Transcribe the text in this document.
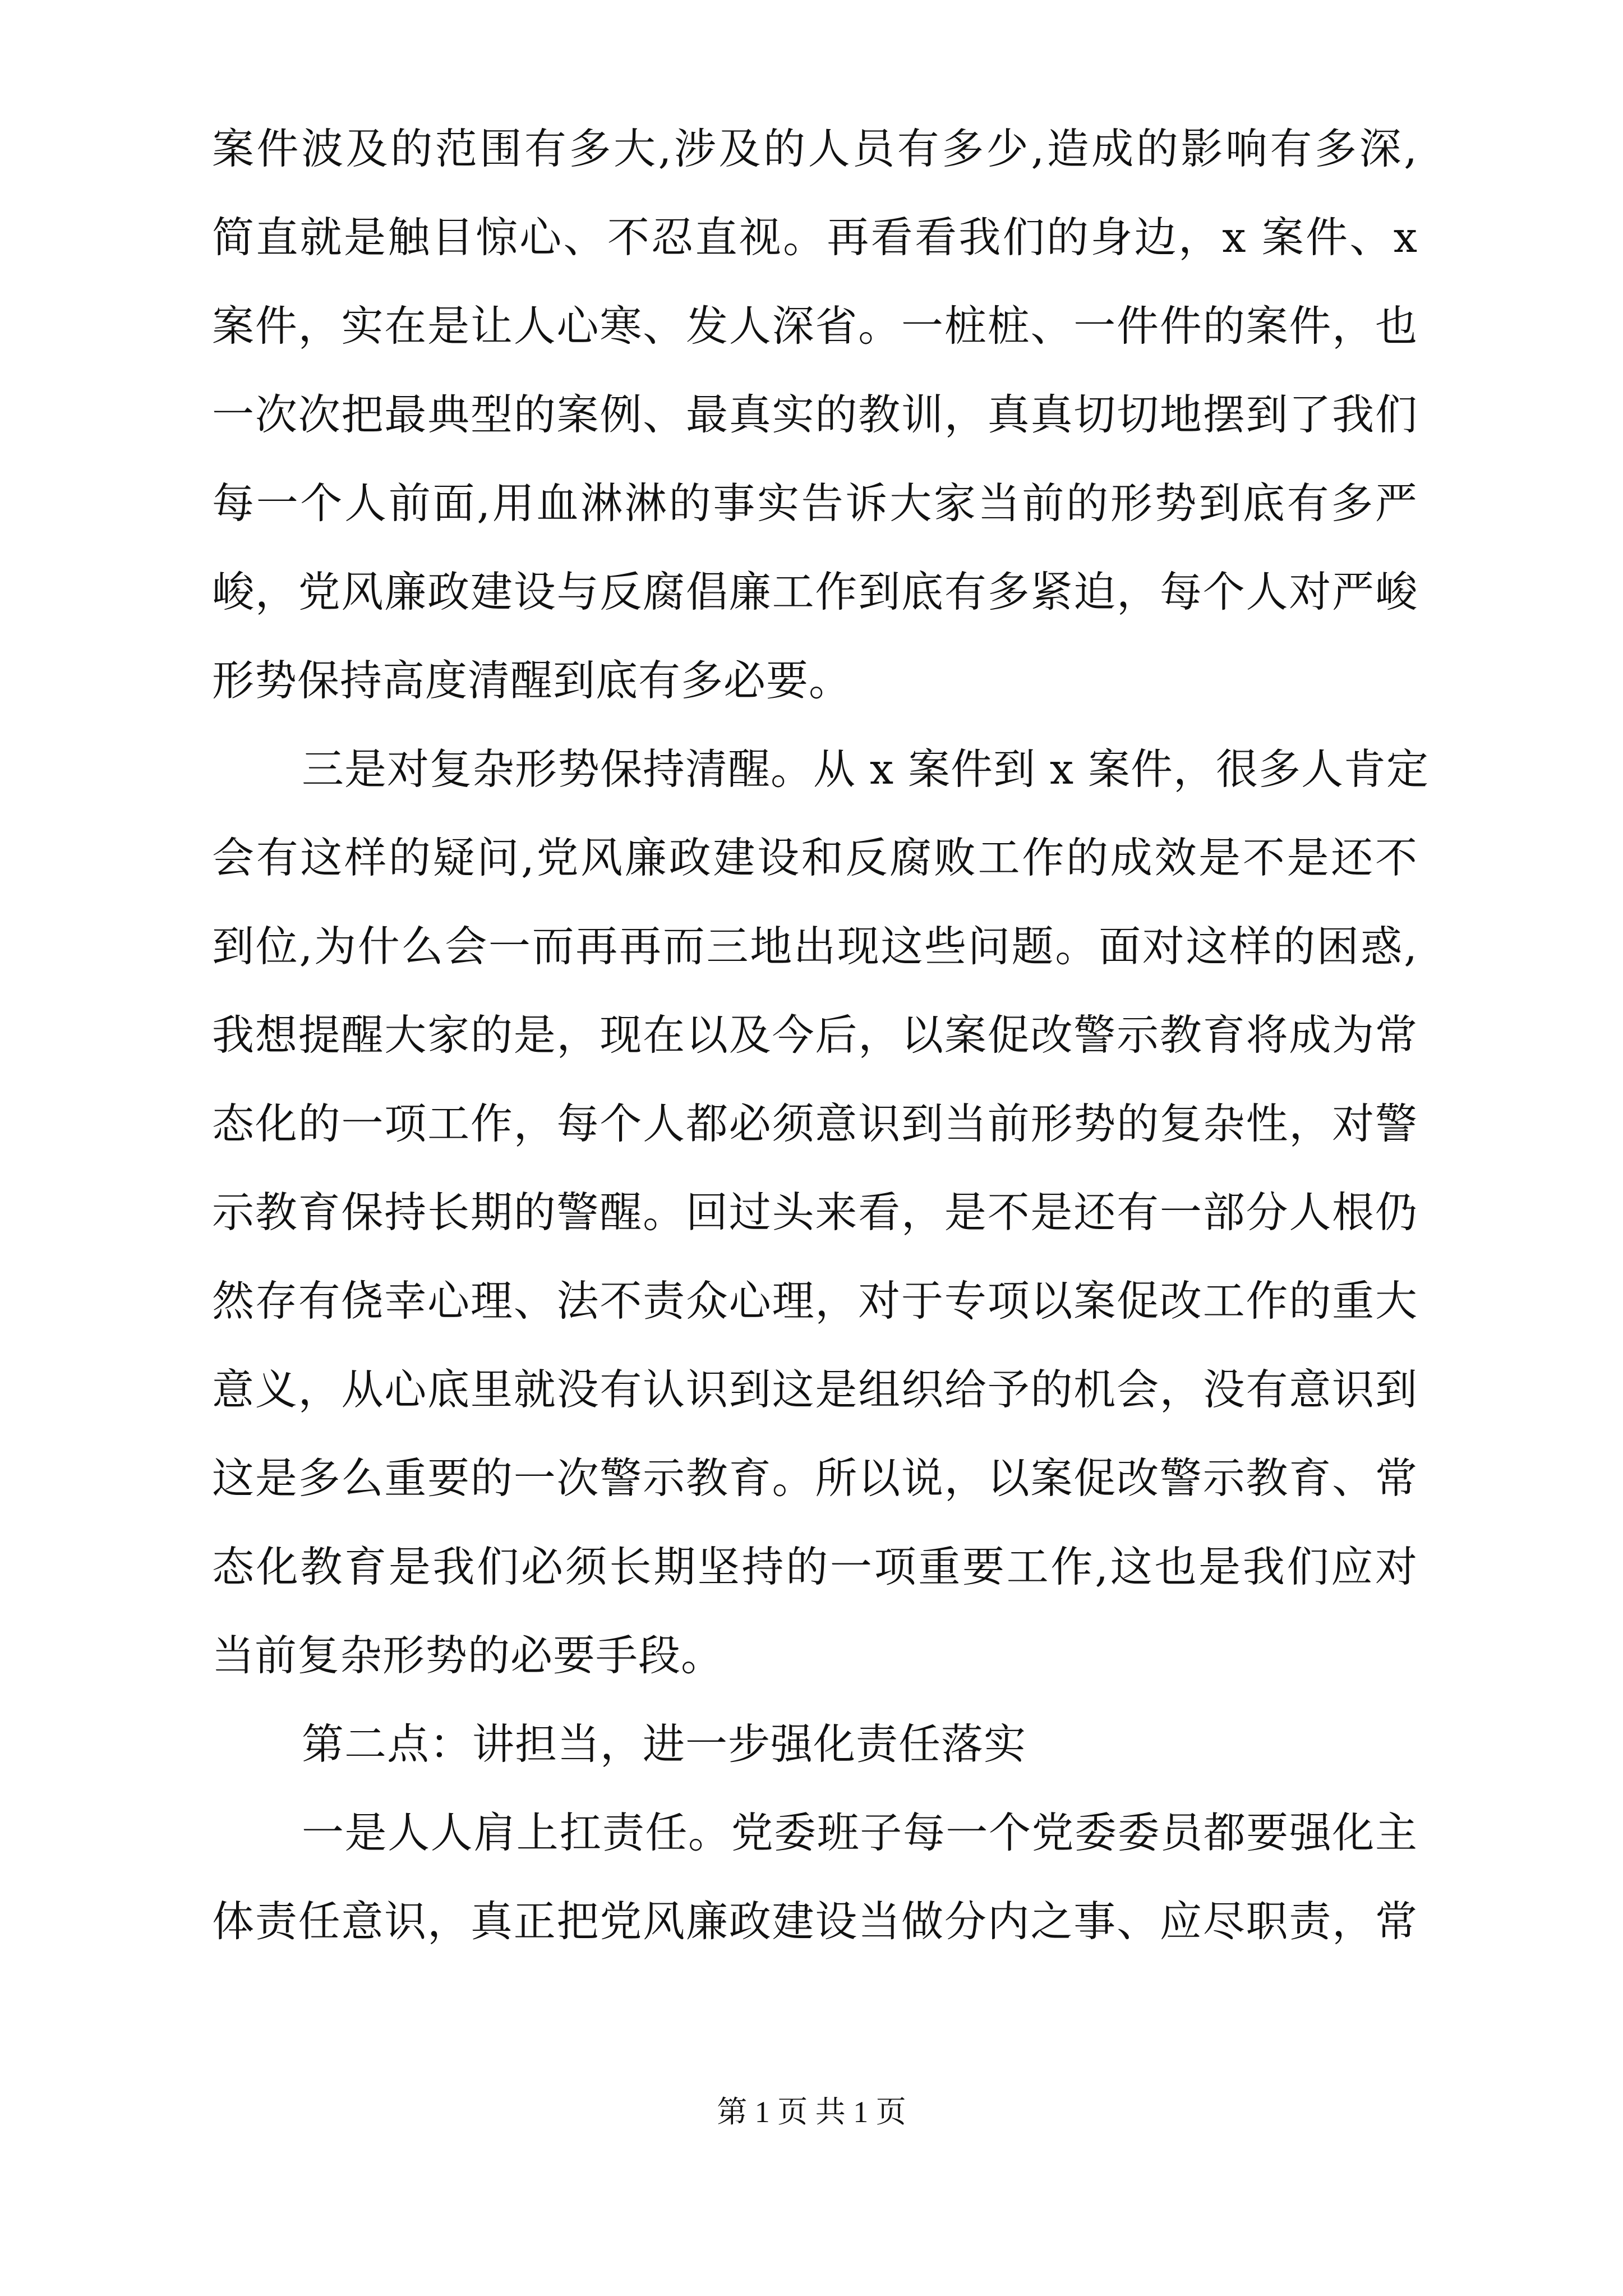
案件波及的范围有多大,涉及的人员有多少,造成的影响有多深,
简直就是触目惊心、不忍直视。再看看我们的身边，x 案件、x
案件，实在是让人心寒、发人深省。一桩桩、一件件的案件，也
一次次把最典型的案例、最真实的教训，真真切切地摆到了我们
每一个人前面,用血淋淋的事实告诉大家当前的形势到底有多严
峻，党风廉政建设与反腐倡廉工作到底有多紧迫，每个人对严峻
形势保持高度清醒到底有多必要。
三是对复杂形势保持清醒。从 x 案件到 x 案件，很多人肯定
会有这样的疑问,党风廉政建设和反腐败工作的成效是不是还不
到位,为什么会一而再再而三地出现这些问题。面对这样的困惑,
我想提醒大家的是，现在以及今后，以案促改警示教育将成为常
态化的一项工作，每个人都必须意识到当前形势的复杂性，对警
示教育保持长期的警醒。回过头来看，是不是还有一部分人根仍
然存有侥幸心理、法不责众心理，对于专项以案促改工作的重大
意义，从心底里就没有认识到这是组织给予的机会，没有意识到
这是多么重要的一次警示教育。所以说，以案促改警示教育、常
态化教育是我们必须长期坚持的一项重要工作,这也是我们应对
当前复杂形势的必要手段。
第二点：讲担当，进一步强化责任落实
一是人人肩上扛责任。党委班子每一个党委委员都要强化主
体责任意识，真正把党风廉政建设当做分内之事、应尽职责，常
第 1 页 共 1 页
